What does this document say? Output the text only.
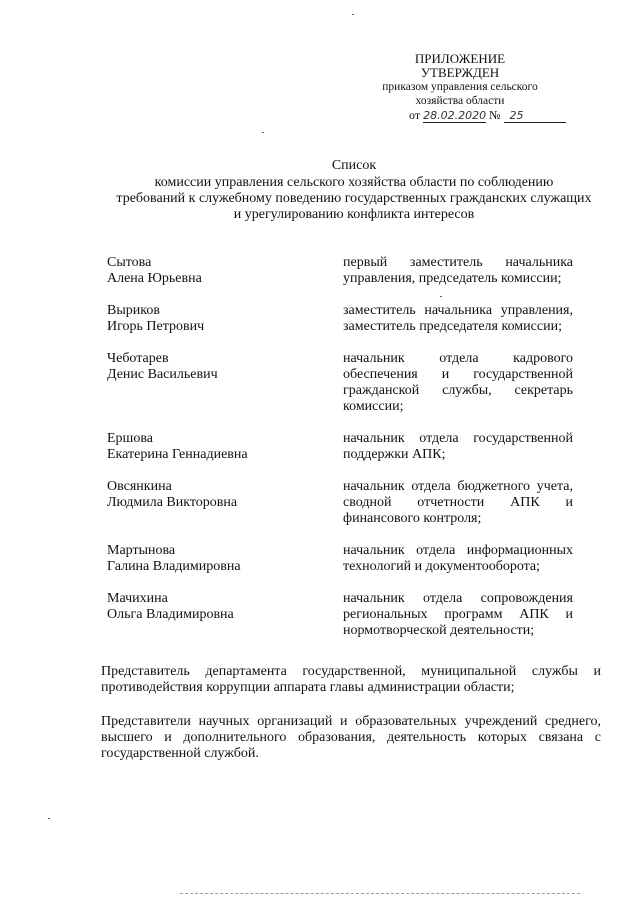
ПРИЛОЖЕНИЕ
УТВЕРЖДЕН
приказом управления сельского
хозяйства области
от 28.02.2020 № 25
Список
комиссии управления сельского хозяйства области по соблюдению
требований к служебному поведению государственных гражданских служащих
и урегулированию конфликта интересов
Сытова
Алена Юрьевна
первый заместитель начальника управления, председатель комиссии;
Выриков
Игорь Петрович
заместитель начальника управления, заместитель председателя комиссии;
Чеботарев
Денис Васильевич
начальник отдела кадрового обеспечения и государственной гражданской службы, секретарь комиссии;
Ершова
Екатерина Геннадиевна
начальник отдела государственной поддержки АПК;
Овсянкина
Людмила Викторовна
начальник отдела бюджетного учета, сводной отчетности АПК и финансового контроля;
Мартынова
Галина Владимировна
начальник отдела информационных технологий и документооборота;
Мачихина
Ольга Владимировна
начальник отдела сопровождения региональных программ АПК и нормотворческой деятельности;
Представитель департамента государственной, муниципальной службы и противодействия коррупции аппарата главы администрации области;
Представители научных организаций и образовательных учреждений среднего, высшего и дополнительного образования, деятельность которых связана с государственной службой.
